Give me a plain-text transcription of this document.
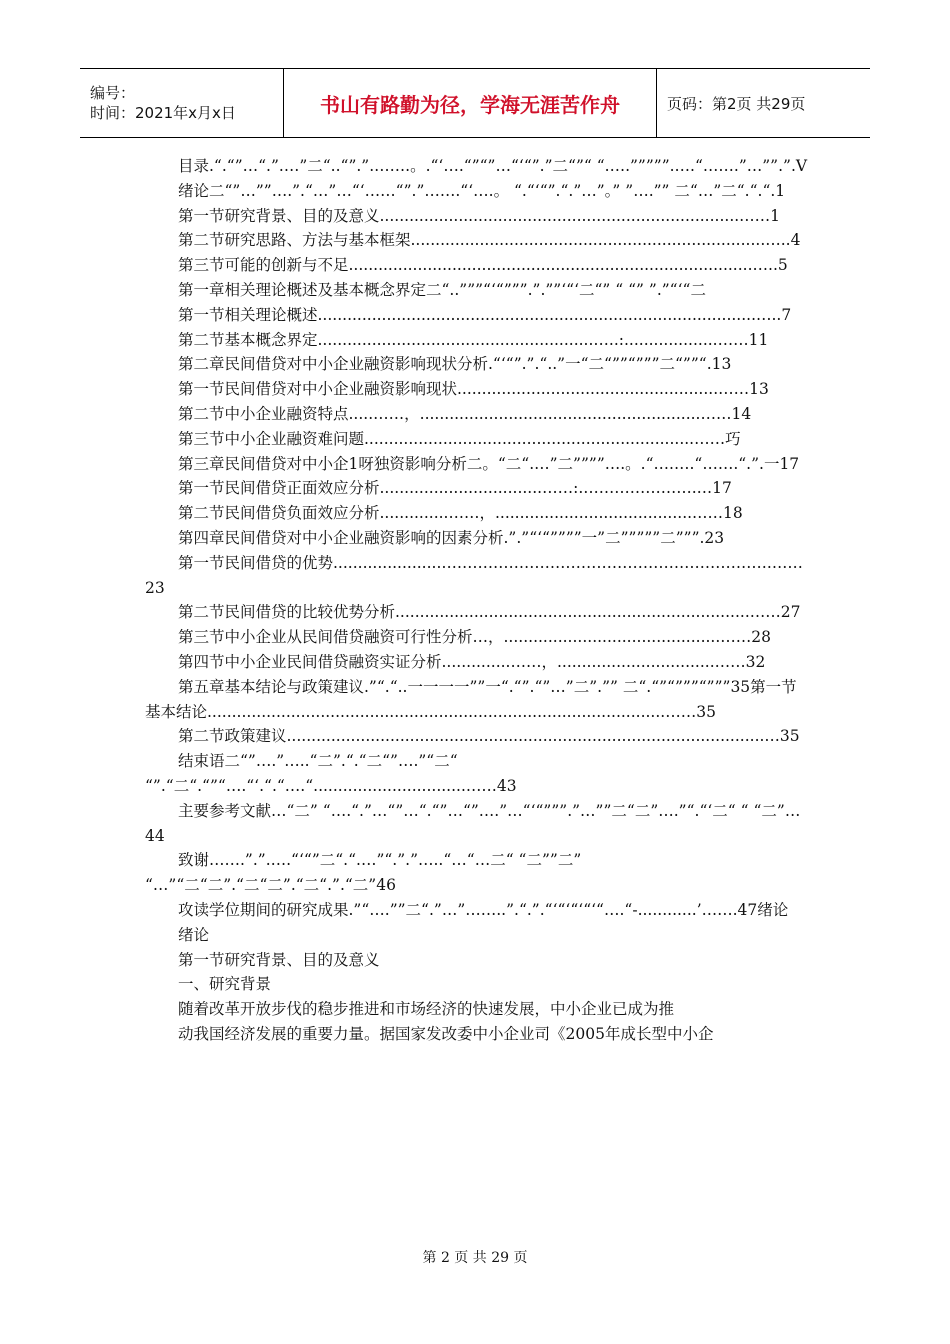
编号：
时间：2021年x月x日	书山有路勤为径，学海无涯苦作舟	页码：第2页 共29页

目录.“.“”…“.”.…”二“..“”.”.…….。.“‘….“”“”…“‘“”.”二“”“ “.….”””””.….“…….”…””.”.V

绪论二“”…””….”.“…”…“‘……“”.”…….“‘….。 “.“‘“”.“.”…”。” ”….”” 二“…”二“.“.“.1

第一节研究背景、目的及意义.........................................................................……1

第二节研究思路、方法与基本框架........................................................................…..4

第三节可能的创新与不足..................................................................................…..5

第一章相关理论概述及基本概念界定二“..”””“‘“”””.”.””‘“‘二“” “ “” ”.”“‘“二

第一节相关理论概述.........................................................................................…..7

第二节基本概念界定........................................................…..:...................……11

第二章民间借贷对中小企业融资影响现状分析.“‘“”.”.“..”一“二“””“”””二“””“.13

第一节民间借贷对中小企业融资影响现状.....................................................……13

第二节中小企业融资特点.....……，.........................................................……14

第三节中小企业融资难问题...................................................................……巧

第三章民间借贷对中小企1呀独资影响分析二。“二“.…”二””””….。.“….….“…….“.”.一17

第一节民间借贷正面效应分析.................................……:.………………….…17

第二节民间借贷负面效应分析..............……，........................................……18

第四章民间借贷对中小企业融资影响的因素分析.”.”“‘“””””一”二”””””二”””.23

第一节民间借贷的优势......................……………………………………………………….……23

第二节民间借贷的比较优势分析........................................................................……27

第三节中小企业从民间借贷融资可行性分析…，............................................……28

第四节中小企业民间借贷融资实证分析..............……，................................……32

第五章基本结论与政策建议.”“.“..一一一一””一“.“”.“”…”二”.”” 二“.“”“”””“”””35第一节基本结论.............................................................................................……35

第二节政策建议.................................................................................................…35

结束语二“”….”…..“二”.“.“二“”….”“二“ “”.“二“.“”“….“‘.“.“….“...............................……43

主要参考文献…“二” “….“.”…“”…“.“”…“”….”…“‘“”””.”…””二“二”….”“.“‘二“ “ “二”…44

致谢…….”.”.….“‘“”二“.“.…”“.”.”…..“…“…二“ “二””二” “…”“二“二”.“二“二”.“二“.”.“二”46

攻读学位期间的研究成果.”“….””二“.”…”……..”.“.”.“‘“‘“‘“‘“….“-............’…….47绪论

绪论

第一节研究背景、目的及意义

一、研究背景

随着改革开放步伐的稳步推进和市场经济的快速发展，中小企业已成为推

动我国经济发展的重要力量。据国家发改委中小企业司《2005年成长型中小企

第 2 页 共 29 页
